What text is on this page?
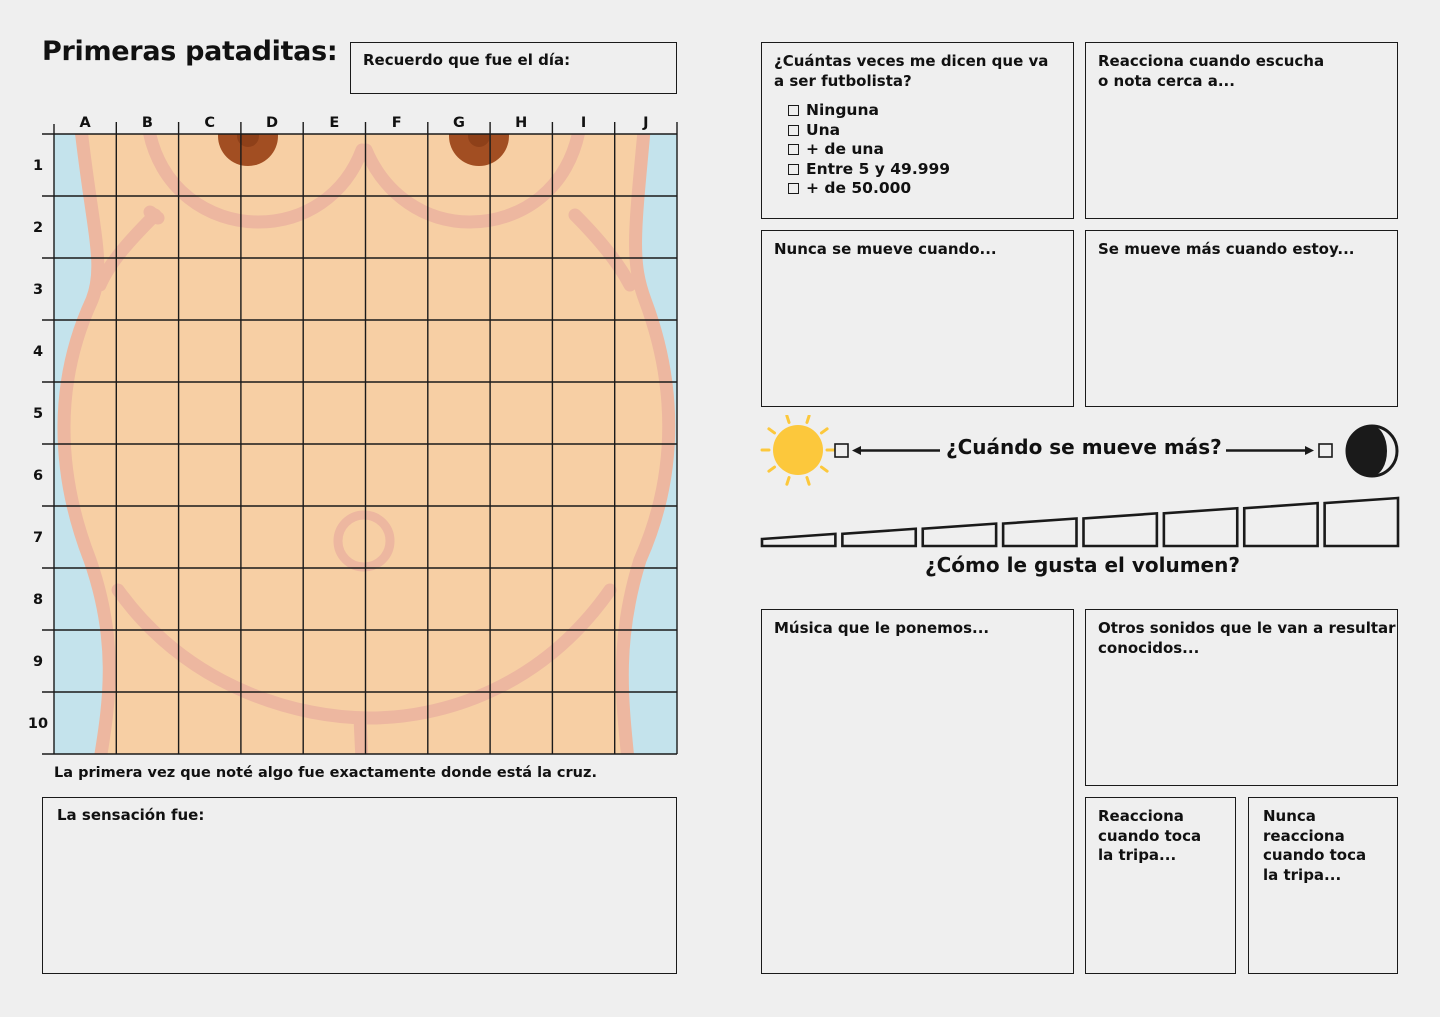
Primeras pataditas: Recuerdo que fue el día:
A	B	C	D	E	F	G	H	I	J
1
2
3
4
5
6
7
8
9
10
La primera vez que noté algo fue exactamente donde está la cruz.
La sensación fue:
¿Cuántas veces me dicen que va
a ser futbolista?
Ninguna
Una
+ de una
Entre 5 y 49.999
+ de 50.000
Reacciona cuando escucha
o nota cerca a...
Nunca se mueve cuando...	Se mueve más cuando estoy...
¿Cuándo se mueve más?
¿Cómo le gusta el volumen?
Música que le ponemos...	Otros sonidos que le van a resultar
conocidos...
Reacciona
cuando toca
la tripa...
Nunca
reacciona
cuando toca
la tripa...
